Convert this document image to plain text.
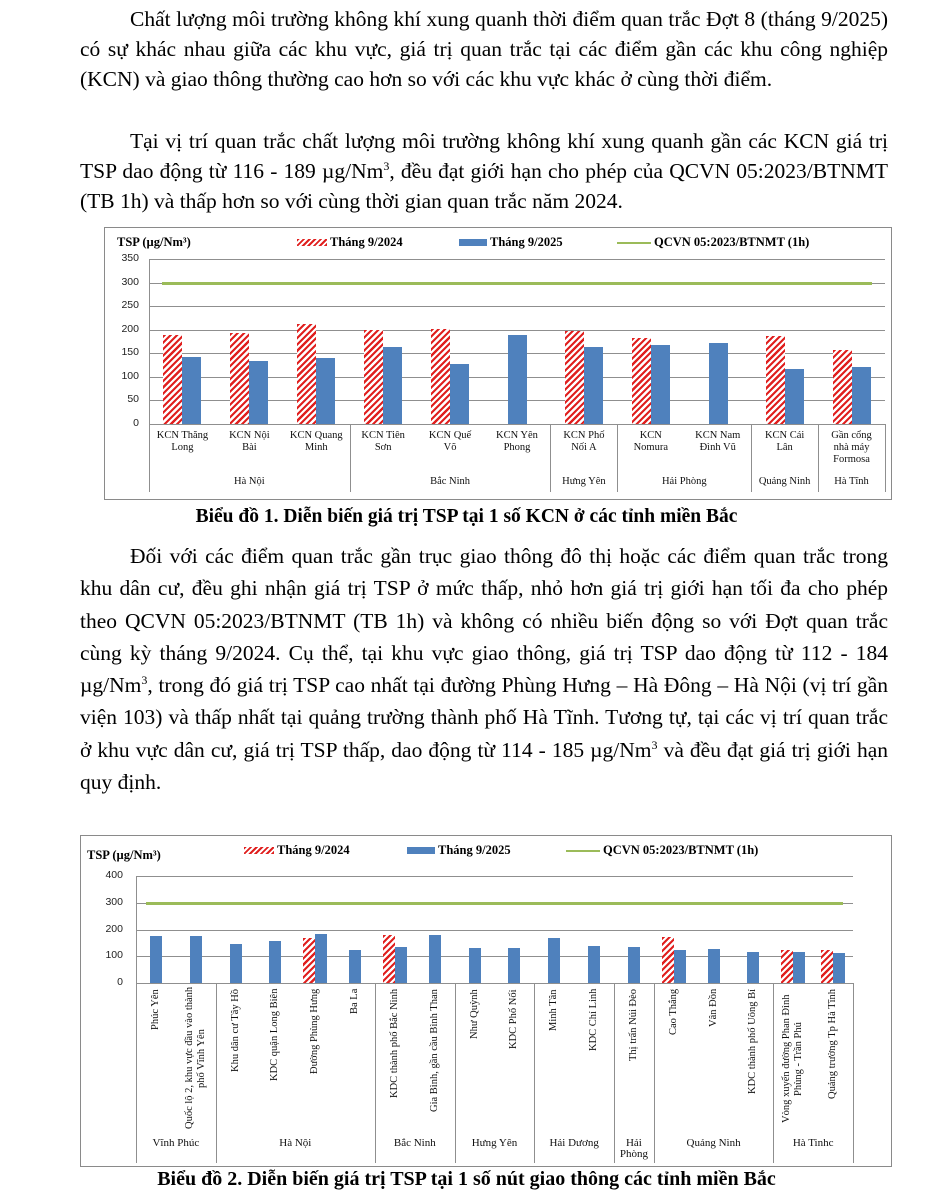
Chất lượng môi trường không khí xung quanh thời điểm quan trắc Đợt 8 (tháng 9/2025) có sự khác nhau giữa các khu vực, giá trị quan trắc tại các điểm gần các khu công nghiệp (KCN) và giao thông thường cao hơn so với các khu vực khác ở cùng thời điểm.
Tại vị trí quan trắc chất lượng môi trường không khí xung quanh gần các KCN giá trị TSP dao động từ 116 - 189 µg/Nm$^3$, đều đạt giới hạn cho phép của QCVN 05:2023/BTNMT (TB 1h) và thấp hơn so với cùng thời gian quan trắc năm 2024.
TSP (µg/Nm³)	Tháng 9/2024	Tháng 9/2025	QCVN 05:2023/BTNMT (1h)
350
300
250
200
150
100
50
0
KCN Thăng
Long
KCN Nội
Bài
KCN Quang
Minh
KCN Tiên
Sơn
KCN Quế
Võ
KCN Yên
Phong
KCN Phố
Nối A
KCN
Nomura
KCN Nam
Đình Vũ
KCN Cái
Lân
Gần cổng
nhà máy
Formosa
Hà Nội	Bắc Ninh	Hưng Yên	Hải Phòng	Quảng Ninh	Hà Tĩnh
Biểu đồ 1. Diễn biến giá trị TSP tại 1 số KCN ở các tỉnh miền Bắc
Đối với các điểm quan trắc gần trục giao thông đô thị hoặc các điểm quan trắc trong khu dân cư, đều ghi nhận giá trị TSP ở mức thấp, nhỏ hơn giá trị giới hạn tối đa cho phép theo QCVN 05:2023/BTNMT (TB 1h) và không có nhiều biến động so với Đợt quan trắc cùng kỳ tháng 9/2024. Cụ thể, tại khu vực giao thông, giá trị TSP dao động từ 112 - 184 µg/Nm$^3$, trong đó giá trị TSP cao nhất tại đường Phùng Hưng – Hà Đông – Hà Nội (vị trí gần viện 103) và thấp nhất tại quảng trường thành phố Hà Tĩnh. Tương tự, tại các vị trí quan trắc ở khu vực dân cư, giá trị TSP thấp, dao động từ 114 - 185 µg/Nm$^3$ và đều đạt giá trị giới hạn quy định.
TSP (µg/Nm³)	Tháng 9/2024	Tháng 9/2025	QCVN 05:2023/BTNMT (1h)
400
300
200
100
0
Phúc Yên Quốc lộ 2, khu vực đầu vào thành phố Vĩnh Yên Khu dân cư Tây Hồ	KDC quận Long Biên	Đường Phùng Hưng	Ba La	KDC thành phố Bắc Ninh	Gia Bình, gần cầu Bình Than	Như Quỳnh	KDC Phố Nối	Minh Tân	KDC Chí Linh	Thị trấn Núi Đèo	Cao Thắng	Vân Đồn	KDC thành phố Uông Bí Vòng xuyến đường Phan Đình Phùng - Trần Phú Quảng trường Tp Hà Tĩnh
Vĩnh Phúc	Hà Nội	Bắc Ninh	Hưng Yên	Hải Dương	Hải Phòng
Quảng Ninh	Hà Tinhc
Biểu đồ 2. Diễn biến giá trị TSP tại 1 số nút giao thông các tỉnh miền Bắc
